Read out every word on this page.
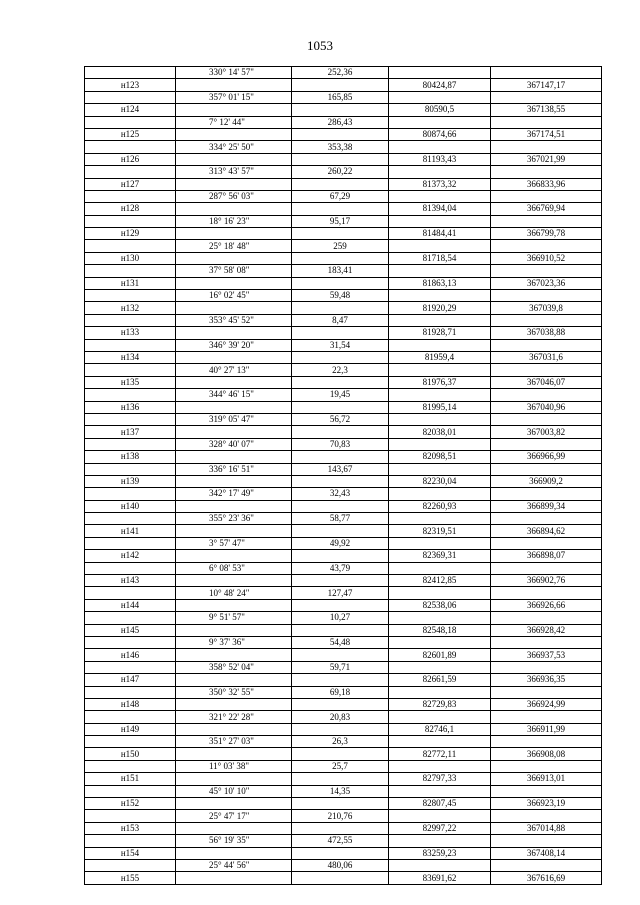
1053
	330° 14' 57"	252,36		
н123			80424,87	367147,17
	357° 01' 15"	165,85		
н124			80590,5	367138,55
	7° 12' 44"	286,43		
н125			80874,66	367174,51
	334° 25' 50"	353,38		
н126			81193,43	367021,99
	313° 43' 57"	260,22		
н127			81373,32	366833,96
	287° 56' 03"	67,29		
н128			81394,04	366769,94
	18° 16' 23"	95,17		
н129			81484,41	366799,78
	25° 18' 48"	259		
н130			81718,54	366910,52
	37° 58' 08"	183,41		
н131			81863,13	367023,36
	16° 02' 45"	59,48		
н132			81920,29	367039,8
	353° 45' 52"	8,47		
н133			81928,71	367038,88
	346° 39' 20"	31,54		
н134			81959,4	367031,6
	40° 27' 13"	22,3		
н135			81976,37	367046,07
	344° 46' 15"	19,45		
н136			81995,14	367040,96
	319° 05' 47"	56,72		
н137			82038,01	367003,82
	328° 40' 07"	70,83		
н138			82098,51	366966,99
	336° 16' 51"	143,67		
н139			82230,04	366909,2
	342° 17' 49"	32,43		
н140			82260,93	366899,34
	355° 23' 36"	58,77		
н141			82319,51	366894,62
	3° 57' 47"	49,92		
н142			82369,31	366898,07
	6° 08' 53"	43,79		
н143			82412,85	366902,76
	10° 48' 24"	127,47		
н144			82538,06	366926,66
	9° 51' 57"	10,27		
н145			82548,18	366928,42
	9° 37' 36"	54,48		
н146			82601,89	366937,53
	358° 52' 04"	59,71		
н147			82661,59	366936,35
	350° 32' 55"	69,18		
н148			82729,83	366924,99
	321° 22' 28"	20,83		
н149			82746,1	366911,99
	351° 27' 03"	26,3		
н150			82772,11	366908,08
	11° 03' 38"	25,7		
н151			82797,33	366913,01
	45° 10' 10"	14,35		
н152			82807,45	366923,19
	25° 47' 17"	210,76		
н153			82997,22	367014,88
	56° 19' 35"	472,55		
н154			83259,23	367408,14
	25° 44' 56"	480,06		
н155			83691,62	367616,69
